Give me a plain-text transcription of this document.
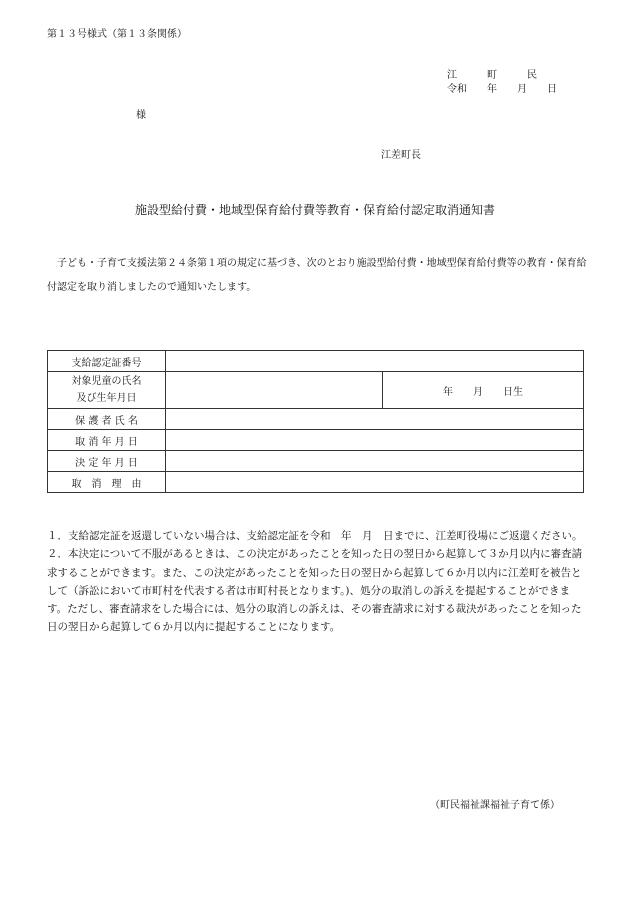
第１３号様式（第１３条関係）
江　　　町　　　民
令和　　年　　月　　日
様
江差町長
施設型給付費・地域型保育給付費等教育・保育給付認定取消通知書
　子ども・子育て支援法第２４条第１項の規定に基づき、次のとおり施設型給付費・地域型保育給付費等の教育・保育給付認定を取り消しましたので通知いたします。
支給認定証番号		

対象児童の氏名
及び生年月日		年　　月　　日生
保 護 者 氏 名		
取 消 年 月 日		
決 定 年 月 日		
取　消　理　由		

１．支給認定証を返還していない場合は、支給認定証を令和　年　月　日までに、江差町役場にご返還ください。

２．本決定について不服があるときは、この決定があったことを知った日の翌日から起算して３か月以内に審査請求することができます。また、この決定があったことを知った日の翌日から起算して６か月以内に江差町を被告として（訴訟において市町村を代表する者は市町村長となります。)、処分の取消しの訴えを提起することができます。ただし、審査請求をした場合には、処分の取消しの訴えは、その審査請求に対する裁決があったことを知った日の翌日から起算して６か月以内に提起することになります。

（町民福祉課福祉子育て係）
